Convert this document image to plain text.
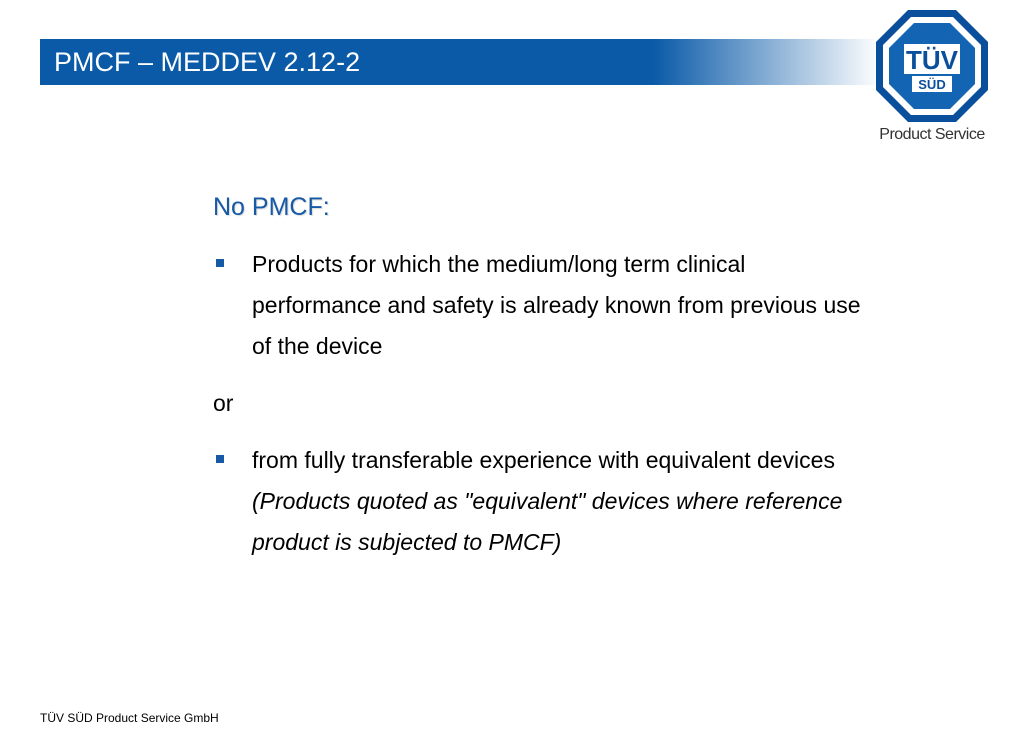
PMCF – MEDDEV 2.12-2	TÜV
SÜD
Product Service
No PMCF:
Products for which the medium/long term clinical performance and safety is already known from previous use of the device
or
from fully transferable experience with equivalent devices (Products quoted as "equivalent" devices where reference product is subjected to PMCF)
TÜV SÜD Product Service GmbH
